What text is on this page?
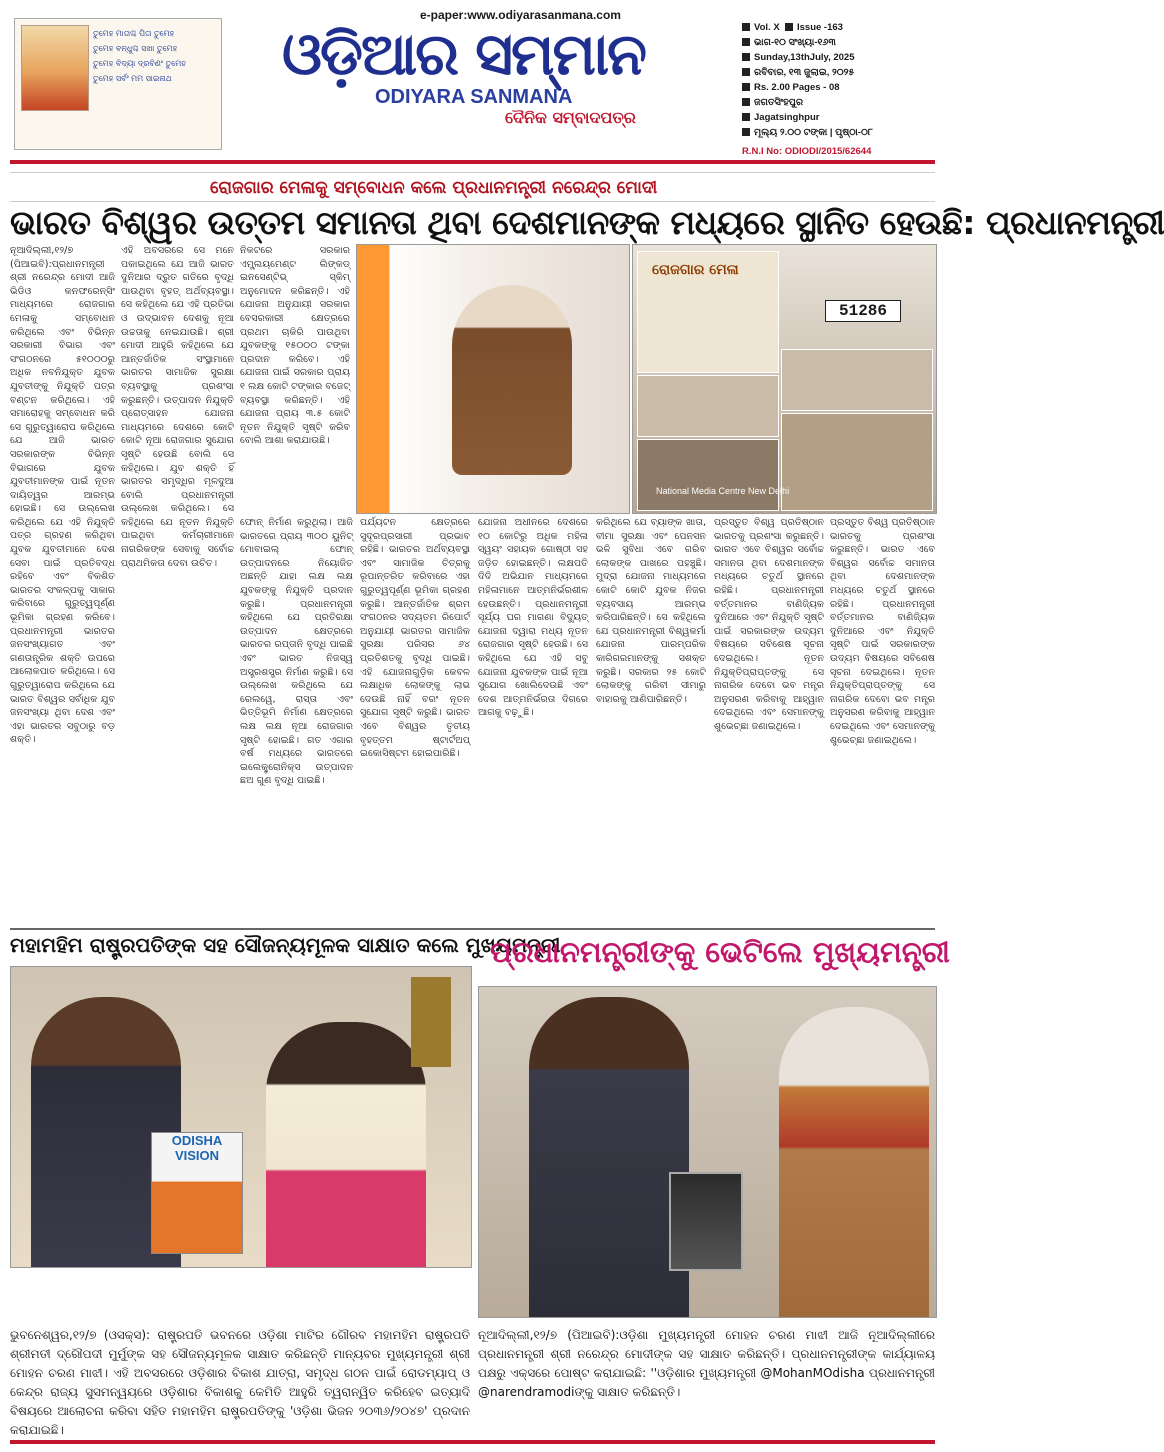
e-paper:www.odiyarasanmana.com
ତୁମେହ ମାତାଶ୍ଚ ପିତା ତୁମେହ
ତୁମେହ ବନ୍ଧୁଶ୍ଚ ସଖା ତୁମେହ
ତୁମେହ ବିଦ୍ୟା ଦ୍ରବିଣଂ ତୁମେହ
ତୁମେହ ସର୍ବଂ ମମ ସାଇନାଥ ଓଡ଼ିଆର ସମ୍ମାନ
ODIYARA SANMANA
ଦୈନିକ ସମ୍ବାଦପତ୍ର
Vol. X Issue -163
ଭାଗ-୧୦ ସଂଖ୍ୟା-୧୬୩
Sunday,13thJuly, 2025
ରବିବାର, ୧୩ ଜୁଲାଇ, ୨୦୨୫
Rs. 2.00 Pages - 08
ଜଗତସିଂହପୁର
Jagatsinghpur
ମୂଲ୍ୟ ୨.୦୦ ଟଙ୍କା | ପୃଷ୍ଠା-୦୮
R.N.I No: ODIODI/2015/62644
ରୋଜଗାର ମେଳାକୁ ସମ୍ବୋଧନ କଲେ ପ୍ରଧାନମନ୍ତ୍ରୀ ନରେନ୍ଦ୍ର ମୋଦୀ
ଭାରତ ବିଶ୍ୱର ଉତ୍ତମ ସମାନତା ଥିବା ଦେଶମାନଙ୍କ ମଧ୍ୟରେ ସ୍ଥାନିତ ହେଉଛି: ପ୍ରଧାନମନ୍ତ୍ରୀ
ନୂଆଦିଲ୍ଲୀ,୧୨/୭ (ପିଆଇବି):ପ୍ରଧାନମନ୍ତ୍ରୀ ଶ୍ରୀ ନରେନ୍ଦ୍ର ମୋଦୀ ଆଜି ଭିଡିଓ କନଫରେନ୍ସିଂ ମାଧ୍ୟମରେ ରୋଜଗାର ମେଳାକୁ ସମ୍ବୋଧନ କରିଥିଲେ ଏବଂ ବିଭିନ୍ନ ସରକାରୀ ବିଭାଗ ଏବଂ ସଂଗଠନରେ ୫୧୦୦୦ରୁ ଅଧିକ ନବନିଯୁକ୍ତ ଯୁବକ ଯୁବତୀଙ୍କୁ ନିଯୁକ୍ତି ପତ୍ର ବଣ୍ଟନ କରିଥିଲେ। ଏହି ସମାରୋହକୁ ସମ୍ବୋଧନ କରି ସେ ଗୁରୁତ୍ୱାରୋପ କରିଥିଲେ ଯେ ଆଜି ଭାରତ ସରକାରଙ୍କ ବିଭିନ୍ନ ବିଭାଗରେ ଯୁବକ ଯୁବତୀମାନଙ୍କ ପାଇଁ ନୂତନ ଦାୟିତ୍ୱର ଆରମ୍ଭ ହୋଇଛି। ସେ ଉଲ୍ଲେଖ କରିଥିଲେ ଯେ ଏହି ନିଯୁକ୍ତି ପତ୍ର ଗ୍ରହଣ କରିଥିବା ଯୁବକ ଯୁବତୀମାନେ ଦେଶ ସେବା ପାଇଁ ପ୍ରତିବଦ୍ଧ ରହିବେ ଏବଂ ବିକଶିତ ଭାରତର ସଂକଳ୍ପକୁ ସାକାର କରିବାରେ ଗୁରୁତ୍ୱପୂର୍ଣ୍ଣ ଭୂମିକା ଗ୍ରହଣ କରିବେ। ପ୍ରଧାନମନ୍ତ୍ରୀ ଭାରତର ଜନସଂଖ୍ୟାଗତ ଏବଂ ଗଣତାନ୍ତ୍ରିକ ଶକ୍ତି ଉପରେ ଆଲୋକପାତ କରିଥିଲେ। ସେ ଗୁରୁତ୍ୱାରୋପ କରିଥିଲେ ଯେ ଭାରତ ବିଶ୍ୱର ସର୍ବାଧିକ ଯୁବ ଜନସଂଖ୍ୟା ଥିବା ଦେଶ ଏବଂ ଏହା ଭାରତର ସବୁଠାରୁ ବଡ଼ ଶକ୍ତି।
ଏହି ଅବସରରେ ସେ ମନେ ପକାଇଥିଲେ ଯେ ଆଜି ଭାରତ ଦୁନିଆର ଦ୍ରୁତ ଗତିରେ ବୃଦ୍ଧି ପାଉଥିବା ବୃହତ୍ ଅର୍ଥବ୍ୟବସ୍ଥା। ସେ କହିଥିଲେ ଯେ ଏହି ପ୍ରତିଭା ଓ ଉଦ୍ଭାବନ ଦେଶକୁ ନୂଆ ଉଚ୍ଚତାକୁ ନେଇଯାଉଛି। ଶ୍ରୀ ମୋଦୀ ଆହୁରି କହିଥିଲେ ଯେ ଆନ୍ତର୍ଜାତିକ ସଂସ୍ଥାମାନେ ଭାରତର ସାମାଜିକ ସୁରକ୍ଷା ବ୍ୟବସ୍ଥାକୁ ପ୍ରଶଂସା କରୁଛନ୍ତି। ଉତ୍ପାଦନ ନିଯୁକ୍ତି ପ୍ରୋତ୍ସାହନ ଯୋଜନା ମାଧ୍ୟମରେ ଦେଶରେ କୋଟି କୋଟି ନୂଆ ରୋଜଗାର ସୁଯୋଗ ସୃଷ୍ଟି ହେଉଛି ବୋଲି ସେ କହିଥିଲେ। ଯୁବ ଶକ୍ତି ହିଁ ଭାରତର ସମୃଦ୍ଧିର ମୂଳଦୁଆ ବୋଲି ପ୍ରଧାନମନ୍ତ୍ରୀ ଉଲ୍ଲେଖ କରିଥିଲେ। ସେ କହିଥିଲେ ଯେ ନୂତନ ନିଯୁକ୍ତି ପାଇଥିବା କର୍ମଚାରୀମାନେ ନାଗରିକଙ୍କ ସେବାକୁ ସର୍ବୋଚ୍ଚ ପ୍ରାଥମିକତା ଦେବା ଉଚିତ।
ନିକଟରେ ସରକାର ଏମ୍ପ୍ଲୟମେଣ୍ଟ ଲିଙ୍କଡ୍ ଇନସେଣ୍ଟିଭ୍ ସ୍କିମ୍ ଅନୁମୋଦନ କରିଛନ୍ତି। ଏହି ଯୋଜନା ଅନୁଯାୟୀ ସରକାର ବେସରକାରୀ କ୍ଷେତ୍ରରେ ପ୍ରଥମ ଚାକିରି ପାଉଥିବା ଯୁବକଙ୍କୁ ୧୫୦୦୦ ଟଙ୍କା ପ୍ରଦାନ କରିବେ। ଏହି ଯୋଜନା ପାଇଁ ସରକାର ପ୍ରାୟ ୧ ଲକ୍ଷ କୋଟି ଟଙ୍କାର ବଜେଟ୍ ବ୍ୟବସ୍ଥା କରିଛନ୍ତି। ଏହି ଯୋଜନା ପ୍ରାୟ ୩.୫ କୋଟି ନୂତନ ନିଯୁକ୍ତି ସୃଷ୍ଟି କରିବ ବୋଲି ଆଶା କରାଯାଉଛି।
ରୋଜଗାର ମେଳା
51286
National Media Centre New Delhi
ଫୋନ୍ ନିର୍ମାଣ କରୁଥିଲା। ଆଜି ଭାରତରେ ପ୍ରାୟ ୩୦୦ ୟୁନିଟ୍ ମୋବାଇଲ୍ ଫୋନ୍ ଉତ୍ପାଦନରେ ନିୟୋଜିତ ଅଛନ୍ତି ଯାହା ଲକ୍ଷ ଲକ୍ଷ ଯୁବକଙ୍କୁ ନିଯୁକ୍ତି ପ୍ରଦାନ କରୁଛି। ପ୍ରଧାନମନ୍ତ୍ରୀ କହିଥିଲେ ଯେ ପ୍ରତିରକ୍ଷା ଉତ୍ପାଦନ କ୍ଷେତ୍ରରେ ଭାରତର ରପ୍ତାନି ବୃଦ୍ଧି ପାଇଛି ଏବଂ ଭାରତ ନିଜସ୍ୱ ଅସ୍ତ୍ରଶସ୍ତ୍ର ନିର୍ମାଣ କରୁଛି। ସେ ଉଲ୍ଲେଖ କରିଥିଲେ ଯେ ରେଲୱେ, ରାସ୍ତା ଏବଂ ଭିତ୍ତିଭୂମି ନିର୍ମାଣ କ୍ଷେତ୍ରରେ ଲକ୍ଷ ଲକ୍ଷ ନୂଆ ରୋଜଗାର ସୃଷ୍ଟି ହୋଇଛି। ଗତ ଏଗାର ବର୍ଷ ମଧ୍ୟରେ ଭାରତରେ ଇଲେକ୍ଟ୍ରୋନିକ୍ସ ଉତ୍ପାଦନ ଛଅ ଗୁଣ ବୃଦ୍ଧି ପାଇଛି।
ପର୍ଯ୍ୟଟନ କ୍ଷେତ୍ରରେ ସୁଦୂରପ୍ରସାରୀ ପ୍ରଭାବ ରହିଛି। ଭାରତର ଅର୍ଥବ୍ୟବସ୍ଥା ଏବଂ ସାମାଜିକ ଚିତ୍ରକୁ ରୂପାନ୍ତରିତ କରିବାରେ ଏହା ଗୁରୁତ୍ୱପୂର୍ଣ୍ଣ ଭୂମିକା ଗ୍ରହଣ କରୁଛି। ଆନ୍ତର୍ଜାତିକ ଶ୍ରମ ସଂଗଠନର ସଦ୍ୟତମ ରିପୋର୍ଟ ଅନୁଯାୟୀ ଭାରତର ସାମାଜିକ ସୁରକ୍ଷା ପରିସର ୬୪ ପ୍ରତିଶତକୁ ବୃଦ୍ଧି ପାଇଛି। ଏହି ଯୋଜନାଗୁଡ଼ିକ କେବଳ ଲକ୍ଷାଧିକ ଲୋକଙ୍କୁ ଲାଭ ଦେଉଛି ନାହିଁ ବରଂ ନୂତନ ସୁଯୋଗ ସୃଷ୍ଟି କରୁଛି। ଭାରତ ଏବେ ବିଶ୍ୱର ତୃତୀୟ ବୃହତ୍ତମ ଷ୍ଟାର୍ଟଅପ୍ ଇକୋସିଷ୍ଟମ ହୋଇପାରିଛି।
ଯୋଜନା ଅଧୀନରେ ଦେଶରେ ୧୦ କୋଟିରୁ ଅଧିକ ମହିଳା ସ୍ୱୟଂ ସହାୟକ ଗୋଷ୍ଠୀ ସହ ଜଡ଼ିତ ହୋଇଛନ୍ତି। ଲକ୍ଷପତି ଦିଦି ଅଭିଯାନ ମାଧ୍ୟମରେ ମହିଳାମାନେ ଆତ୍ମନିର୍ଭରଶୀଳ ହେଉଛନ୍ତି। ପ୍ରଧାନମନ୍ତ୍ରୀ ସୂର୍ଯ୍ୟ ଘର ମାଗଣା ବିଦ୍ୟୁତ୍ ଯୋଜନା ଦ୍ୱାରା ମଧ୍ୟ ନୂତନ ରୋଜଗାର ସୃଷ୍ଟି ହେଉଛି। ସେ କହିଥିଲେ ଯେ ଏହି ସବୁ ଯୋଜନା ଯୁବକଙ୍କ ପାଇଁ ନୂଆ ସୁଯୋଗ ଖୋଲିଦେଉଛି ଏବଂ ଦେଶ ଆତ୍ମନିର୍ଭରତା ଦିଗରେ ଆଗକୁ ବଢ଼ୁଛି।
କରିଥିଲେ ଯେ ବ୍ୟାଙ୍କ ଖାତା, ବୀମା ସୁରକ୍ଷା ଏବଂ ପେନସନ ଭଳି ସୁବିଧା ଏବେ ଗରିବ ଲୋକଙ୍କ ପାଖରେ ପହଞ୍ଚୁଛି। ମୁଦ୍ରା ଯୋଜନା ମାଧ୍ୟମରେ କୋଟି କୋଟି ଯୁବକ ନିଜର ବ୍ୟବସାୟ ଆରମ୍ଭ କରିପାରିଛନ୍ତି। ସେ କହିଥିଲେ ଯେ ପ୍ରଧାନମନ୍ତ୍ରୀ ବିଶ୍ୱକର୍ମା ଯୋଜନା ପାରମ୍ପରିକ କାରିଗରମାନଙ୍କୁ ସଶକ୍ତ କରୁଛି। ସରକାର ୨୫ କୋଟି ଲୋକଙ୍କୁ ଗରିବୀ ସୀମାରୁ ବାହାରକୁ ଆଣିପାରିଛନ୍ତି।
ପ୍ରସ୍ତୁତ ବିଶ୍ୱ ପ୍ରତିଷ୍ଠାନ ଭାରତକୁ ପ୍ରଶଂସା କରୁଛନ୍ତି। ଭାରତ ଏବେ ବିଶ୍ୱର ସର୍ବୋଚ୍ଚ ସମାନତା ଥିବା ଦେଶମାନଙ୍କ ମଧ୍ୟରେ ଚତୁର୍ଥ ସ୍ଥାନରେ ରହିଛି। ପ୍ରଧାନମନ୍ତ୍ରୀ ବର୍ତ୍ତମାନର ବାଣିଜ୍ୟିକ ଦୁନିଆରେ ଏବଂ ନିଯୁକ୍ତି ସୃଷ୍ଟି ପାଇଁ ସରକାରଙ୍କ ଉଦ୍ୟମ ବିଷୟରେ ସବିଶେଷ ସୂଚନା ଦେଇଥିଲେ। ନୂତନ ନିଯୁକ୍ତିପ୍ରାପ୍ତଙ୍କୁ ସେ ନାଗରିକ ଦେବୋ ଭବ ମନ୍ତ୍ର ଅନୁସରଣ କରିବାକୁ ଆହ୍ୱାନ ଦେଇଥିଲେ ଏବଂ ସେମାନଙ୍କୁ ଶୁଭେଚ୍ଛା ଜଣାଇଥିଲେ।
ପ୍ରସ୍ତୁତ ବିଶ୍ୱ ପ୍ରତିଷ୍ଠାନ ଭାରତକୁ ପ୍ରଶଂସା କରୁଛନ୍ତି। ଭାରତ ଏବେ ବିଶ୍ୱର ସର୍ବୋଚ୍ଚ ସମାନତା ଥିବା ଦେଶମାନଙ୍କ ମଧ୍ୟରେ ଚତୁର୍ଥ ସ୍ଥାନରେ ରହିଛି। ପ୍ରଧାନମନ୍ତ୍ରୀ ବର୍ତ୍ତମାନର ବାଣିଜ୍ୟିକ ଦୁନିଆରେ ଏବଂ ନିଯୁକ୍ତି ସୃଷ୍ଟି ପାଇଁ ସରକାରଙ୍କ ଉଦ୍ୟମ ବିଷୟରେ ସବିଶେଷ ସୂଚନା ଦେଇଥିଲେ। ନୂତନ ନିଯୁକ୍ତିପ୍ରାପ୍ତଙ୍କୁ ସେ ନାଗରିକ ଦେବୋ ଭବ ମନ୍ତ୍ର ଅନୁସରଣ କରିବାକୁ ଆହ୍ୱାନ ଦେଇଥିଲେ ଏବଂ ସେମାନଙ୍କୁ ଶୁଭେଚ୍ଛା ଜଣାଇଥିଲେ।
ମହାମହିମ ରାଷ୍ଟ୍ରପତିଙ୍କ ସହ ସୌଜନ୍ୟମୂଳକ ସାକ୍ଷାତ କଲେ ମୁଖ୍ୟମନ୍ତ୍ରୀ
ODISHA VISION
ଭୁବନେଶ୍ୱର,୧୨/୭ (ଓସକ୍ସ): ରାଷ୍ଟ୍ରପତି ଭବନରେ ଓଡ଼ିଶା ମାଟିର ଗୌରବ ମହାମହିମ ରାଷ୍ଟ୍ରପତି ଶ୍ରୀମତୀ ଦ୍ରୌପଦୀ ମୁର୍ମୁଙ୍କ ସହ ସୌଜନ୍ୟମୂଳକ ସାକ୍ଷାତ କରିଛନ୍ତି ମାନ୍ୟବର ମୁଖ୍ୟମନ୍ତ୍ରୀ ଶ୍ରୀ ମୋହନ ଚରଣ ମାଝୀ। ଏହି ଅବସରରେ ଓଡ଼ିଶାର ବିକାଶ ଯାତ୍ରା, ସମୃଦ୍ଧ ଗଠନ ପାଇଁ ରୋଡମ୍ୟାପ୍ ଓ କେନ୍ଦ୍ର ରାଜ୍ୟ ସୁସମନ୍ୱୟରେ ଓଡ଼ିଶାର ବିକାଶକୁ କେମିତି ଆହୁରି ତ୍ୱରାନ୍ୱିତ କରିହେବ ଇତ୍ୟାଦି ବିଷୟରେ ଆଲୋଚନା କରିବା ସହିତ ମହାମହିମ ରାଷ୍ଟ୍ରପତିଙ୍କୁ 'ଓଡ଼ିଶା ଭିଜନ ୨୦୩୬/୨୦୪୭' ପ୍ରଦାନ କରାଯାଇଛି।
ପ୍ରଧାନମନ୍ତ୍ରୀଙ୍କୁ ଭେଟିଲେ ମୁଖ୍ୟମନ୍ତ୍ରୀ
ନୂଆଦିଲ୍ଲୀ,୧୨/୭ (ପିଆଇବି):ଓଡ଼ିଶା ମୁଖ୍ୟମନ୍ତ୍ରୀ ମୋହନ ଚରଣ ମାଝୀ ଆଜି ନୂଆଦିଲ୍ଲୀରେ ପ୍ରଧାନମନ୍ତ୍ରୀ ଶ୍ରୀ ନରେନ୍ଦ୍ର ମୋଦୀଙ୍କ ସହ ସାକ୍ଷାତ କରିଛନ୍ତି। ପ୍ରଧାନମନ୍ତ୍ରୀଙ୍କ କାର୍ଯ୍ୟାଳୟ ପକ୍ଷରୁ ଏକ୍ସରେ ପୋଷ୍ଟ କରାଯାଇଛି: ''ଓଡ଼ିଶାର ମୁଖ୍ୟମନ୍ତ୍ରୀ @MohanMOdisha ପ୍ରଧାନମନ୍ତ୍ରୀ @narendramodiଙ୍କୁ ସାକ୍ଷାତ କରିଛନ୍ତି।
